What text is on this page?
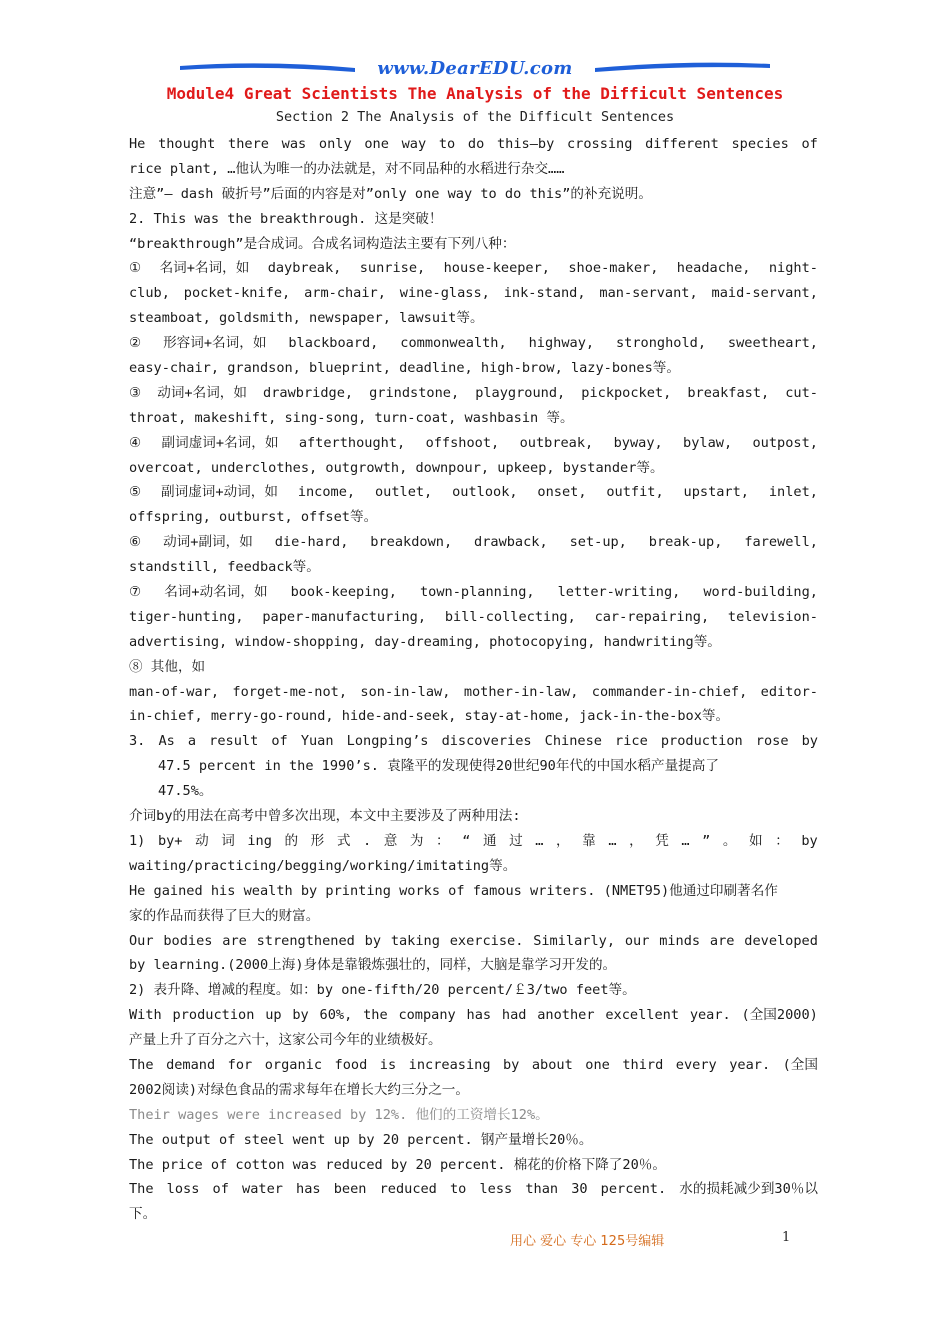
www.DearEDU.com
Module4 Great Scientists The Analysis of the Difficult Sentences
Section 2 The Analysis of the Difficult Sentences
He thought there was only one way to do this—by crossing different species of
rice plant, …他认为唯一的办法就是，对不同品种的水稻进行杂交……
注意”— dash 破折号”后面的内容是对”only one way to do this”的补充说明。
2. This was the breakthrough. 这是突破！
“breakthrough”是合成词。合成名词构造法主要有下列八种：
① 名词+名词，如 daybreak, sunrise, house-keeper, shoe-maker, headache, night-
club, pocket-knife, arm-chair, wine-glass, ink-stand, man-servant, maid-servant,
steamboat, goldsmith, newspaper, lawsuit等。
② 形容词+名词，如 blackboard, commonwealth, highway, stronghold, sweetheart,
easy-chair, grandson, blueprint, deadline, high-brow, lazy-bones等。
③ 动词+名词，如 drawbridge, grindstone, playground, pickpocket, breakfast, cut-
throat, makeshift, sing-song, turn-coat, washbasin 等。
④ 副词虚词+名词，如 afterthought, offshoot, outbreak, byway, bylaw, outpost,
overcoat, underclothes, outgrowth, downpour, upkeep, bystander等。
⑤ 副词虚词+动词，如 income, outlet, outlook, onset, outfit, upstart, inlet,
offspring, outburst, offset等。
⑥ 动词+副词，如 die-hard, breakdown, drawback, set-up, break-up, farewell,
standstill, feedback等。
⑦ 名词+动名词，如 book-keeping, town-planning, letter-writing, word-building,
tiger-hunting, paper-manufacturing, bill-collecting, car-repairing, television-
advertising, window-shopping, day-dreaming, photocopying, handwriting等。
⑧ 其他，如
man-of-war, forget-me-not, son-in-law, mother-in-law, commander-in-chief, editor-
in-chief, merry-go-round, hide-and-seek, stay-at-home, jack-in-the-box等。
3. As a result of Yuan Longping’s discoveries Chinese rice production rose by
47.5 percent in the 1990’s. 袁隆平的发现使得20世纪90年代的中国水稻产量提高了
47.5%。
介词by的用法在高考中曾多次出现，本文中主要涉及了两种用法:
1) by+ 动 词 ing 的 形 式 . 意 为 ： “ 通 过 … ， 靠 … ， 凭 … ” 。 如 ： by
waiting/practicing/begging/working/imitating等。
He gained his wealth by printing works of famous writers. (NMET95)他通过印刷著名作
家的作品而获得了巨大的财富。
Our bodies are strengthened by taking exercise. Similarly, our minds are developed
by learning.(2000上海)身体是靠锻炼强壮的，同样，大脑是靠学习开发的。
2) 表升降、增减的程度。如：by one-fifth/20 percent/￡3/two feet等。
With production up by 60%, the company has had another excellent year. (全国2000)
产量上升了百分之六十，这家公司今年的业绩极好。
The demand for organic food is increasing by about one third every year. (全国
2002阅读)对绿色食品的需求每年在增长大约三分之一。
Their wages were increased by 12%. 他们的工资增长12%。
The output of steel went up by 20 percent. 钢产量增长20％。
The price of cotton was reduced by 20 percent. 棉花的价格下降了20％。
The loss of water has been reduced to less than 30 percent. 水的损耗减少到30％以
下。
用心 爱心 专心 125号编辑	1
